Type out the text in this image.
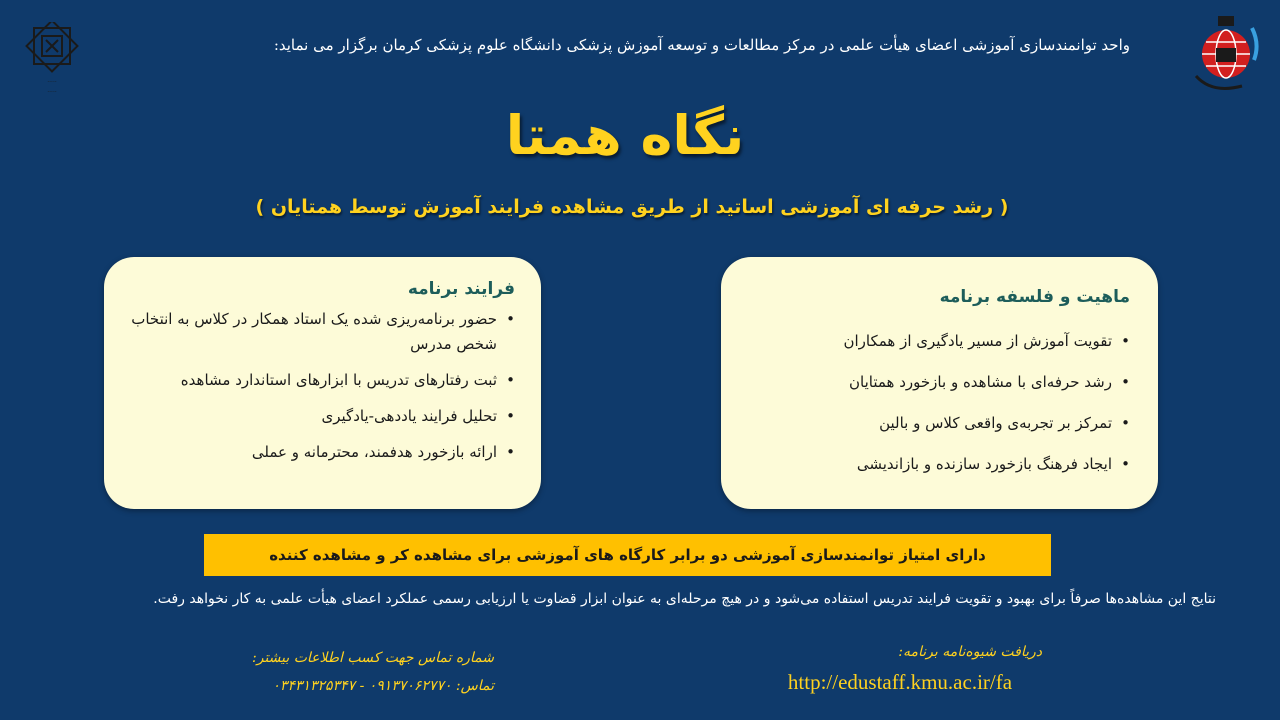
·····
·····
واحد توانمندسازی آموزشی اعضای هیأت علمی در مرکز مطالعات و توسعه آموزش پزشکی دانشگاه علوم پزشکی کرمان برگزار می نماید:
نگاه همتا
( رشد حرفه ای آموزشی اساتید از طریق مشاهده فرایند آموزش توسط همتایان )
فرایند برنامه
• حضور برنامه‌ریزی شده یک استاد همکار در کلاس به انتخاب شخص مدرس
• ثبت رفتارهای تدریس با ابزارهای استاندارد مشاهده
• تحلیل فرایند یاددهی-یادگیری
• ارائه بازخورد هدفمند، محترمانه و عملی
ماهیت و فلسفه برنامه
• تقویت آموزش از مسیر یادگیری از همکاران
• رشد حرفه‌ای با مشاهده و بازخورد همتایان
• تمرکز بر تجربه‌ی واقعی کلاس و بالین
• ایجاد فرهنگ بازخورد سازنده و بازاندیشی
دارای امتیاز توانمندسازی آموزشی دو برابر کارگاه های آموزشی برای مشاهده کر و مشاهده کننده
نتایج این مشاهده‌ها صرفاً برای بهبود و تقویت فرایند تدریس استفاده می‌شود و در هیچ مرحله‌ای به عنوان ابزار قضاوت یا ارزیابی رسمی عملکرد اعضای هیأت علمی به کار نخواهد رفت.
شماره تماس جهت کسب اطلاعات بیشتر:
تماس: ۰۹۱۳۷۰۶۲۷۷۰ - ۰۳۴۳۱۳۲۵۳۴۷
دریافت شیوه‌نامه برنامه:
http://edustaff.kmu.ac.ir/fa
